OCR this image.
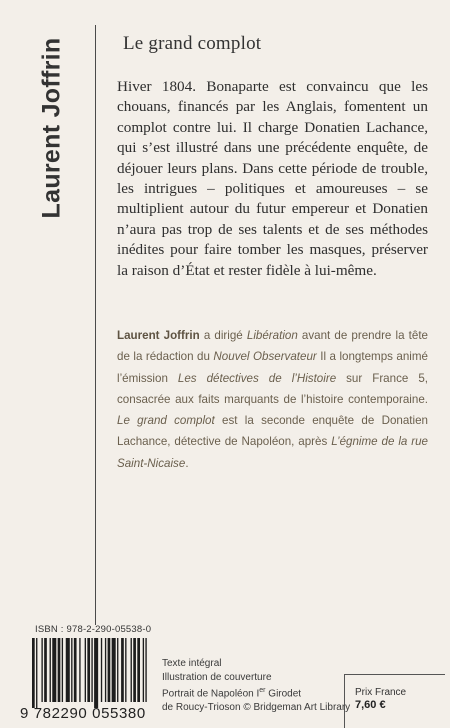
Laurent Joffrin	Le grand complot

Hiver 1804. Bonaparte est convaincu que les chouans, financés par les Anglais, fomentent un complot contre lui. Il charge Donatien Lachance, qui s’est illustré dans une précédente enquête, de déjouer leurs plans. Dans cette période de trouble, les intrigues – politiques et amoureuses – se multiplient autour du futur empereur et Donatien n’aura pas trop de ses talents et de ses méthodes inédites pour faire tomber les masques, préserver la raison d’État et rester fidèle à lui-même.

Laurent Joffrin a dirigé Libération avant de prendre la tête de la rédaction du Nouvel Observateur Il a longtemps animé l’émission Les détectives de l’Histoire sur France 5, consacrée aux faits marquants de l’histoire contemporaine. Le grand complot est la seconde enquête de Donatien Lachance, détective de Napoléon, après L’égnime de la rue Saint-Nicaise.
ISBN : 978-2-290-05538-0
9 782290 055380
Texte intégral
Illustration de couverture
Portrait de Napoléon Ier Girodet
de Roucy-Trioson © Bridgeman Art Library
Prix France
7,60 €
